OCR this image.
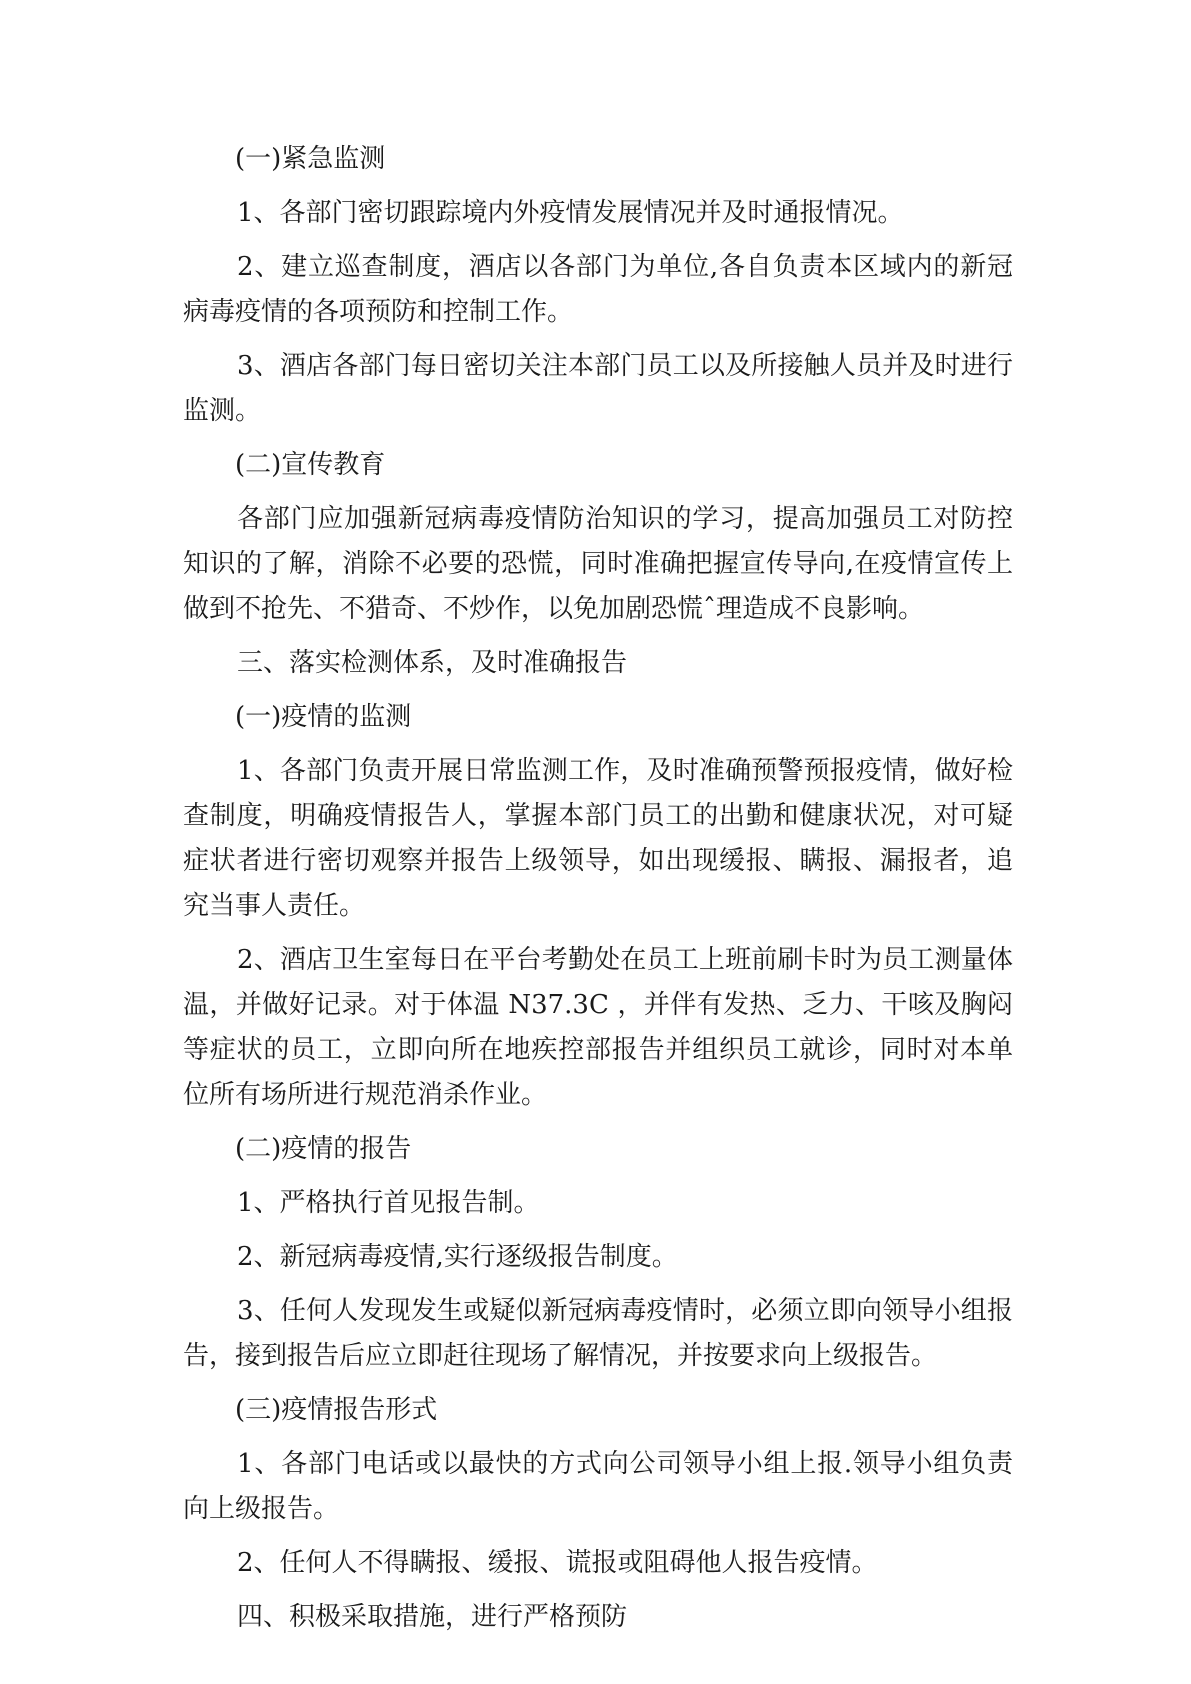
(一)紧急监测

1、各部门密切跟踪境内外疫情发展情况并及时通报情况。

2、建立巡查制度，酒店以各部门为单位,各自负责本区域内的新冠病毒疫情的各项预防和控制工作。

3、酒店各部门每日密切关注本部门员工以及所接触人员并及时进行监测。

(二)宣传教育

各部门应加强新冠病毒疫情防治知识的学习，提高加强员工对防控知识的了解，消除不必要的恐慌，同时准确把握宣传导向,在疫情宣传上做到不抢先、不猎奇、不炒作，以免加剧恐慌ˆ理造成不良影响。

三、落实检测体系，及时准确报告

(一)疫情的监测

1、各部门负责开展日常监测工作，及时准确预警预报疫情，做好检查制度，明确疫情报告人，掌握本部门员工的出勤和健康状况，对可疑症状者进行密切观察并报告上级领导，如出现缓报、瞒报、漏报者，追究当事人责任。

2、酒店卫生室每日在平台考勤处在员工上班前刷卡时为员工测量体温，并做好记录。对于体温 N37.3C ，并伴有发热、乏力、干咳及胸闷等症状的员工，立即向所在地疾控部报告并组织员工就诊，同时对本单位所有场所进行规范消杀作业。

(二)疫情的报告

1、严格执行首见报告制。

2、新冠病毒疫情,实行逐级报告制度。

3、任何人发现发生或疑似新冠病毒疫情时，必须立即向领导小组报告，接到报告后应立即赶往现场了解情况，并按要求向上级报告。

(三)疫情报告形式

1、各部门电话或以最快的方式向公司领导小组上报.领导小组负责向上级报告。

2、任何人不得瞒报、缓报、谎报或阻碍他人报告疫情。

四、积极采取措施，进行严格预防
